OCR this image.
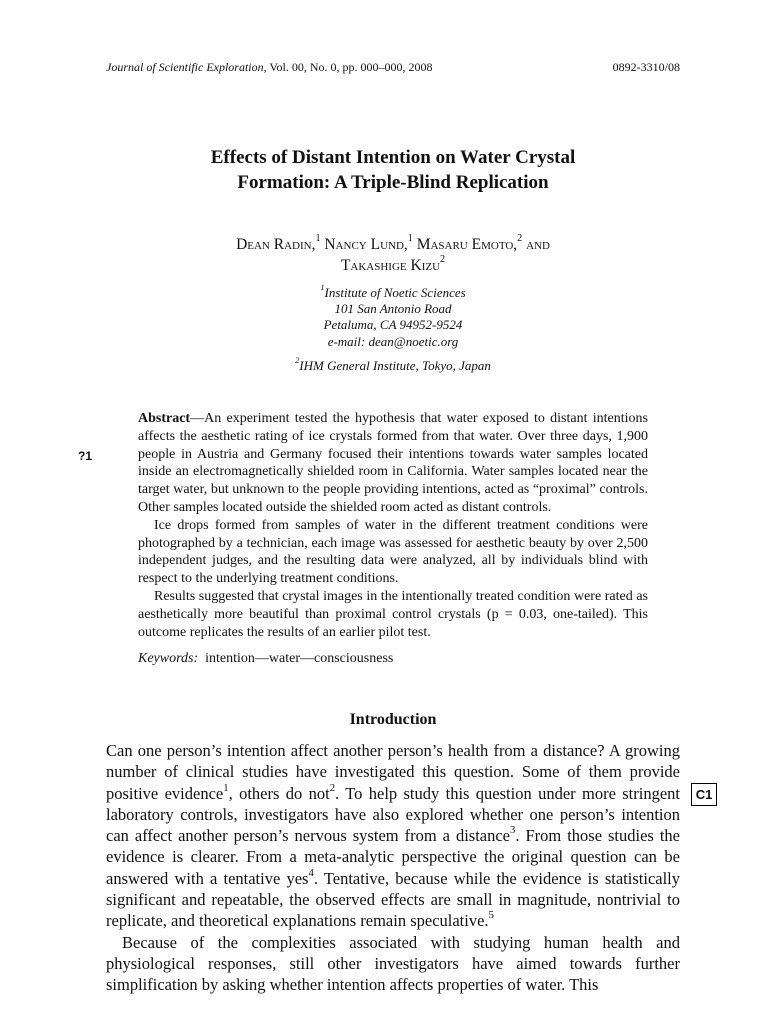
Journal of Scientific Exploration, Vol. 00, No. 0, pp. 000–000, 2008	0892-3310/08
Effects of Distant Intention on Water Crystal
Formation: A Triple-Blind Replication
Dean Radin,$^1$ Nancy Lund,$^1$ Masaru Emoto,$^2$ and
Takashige Kizu$^2$
$^1$Institute of Noetic Sciences
101 San Antonio Road
Petaluma, CA 94952-9524
e-mail: dean@noetic.org
$^2$IHM General Institute, Tokyo, Japan
?1

Abstract—An experiment tested the hypothesis that water exposed to distant intentions affects the aesthetic rating of ice crystals formed from that water. Over three days, 1,900 people in Austria and Germany focused their intentions towards water samples located inside an electromagnetically shielded room in California. Water samples located near the target water, but unknown to the people providing intentions, acted as “proximal” controls. Other samples located outside the shielded room acted as distant controls.

Ice drops formed from samples of water in the different treatment conditions were photographed by a technician, each image was assessed for aesthetic beauty by over 2,500 independent judges, and the resulting data were analyzed, all by individuals blind with respect to the underlying treatment conditions.

Results suggested that crystal images in the intentionally treated condition were rated as aesthetically more beautiful than proximal control crystals (p = 0.03, one-tailed). This outcome replicates the results of an earlier pilot test.

Keywords: intention—water—consciousness

Introduction

Can one person’s intention affect another person’s health from a distance? A growing number of clinical studies have investigated this question. Some of them provide positive evidence$^1$, others do not$^2$. To help study this question under more stringent laboratory controls, investigators have also explored whether one person’s intention can affect another person’s nervous system from a distance$^3$. From those studies the evidence is clearer. From a meta-analytic perspective the original question can be answered with a tentative yes$^4$. Tentative, because while the evidence is statistically significant and repeatable, the observed effects are small in magnitude, nontrivial to replicate, and theoretical explanations remain speculative.$^5$

Because of the complexities associated with studying human health and physiological responses, still other investigators have aimed towards further simplification by asking whether intention affects properties of water. This

C1
